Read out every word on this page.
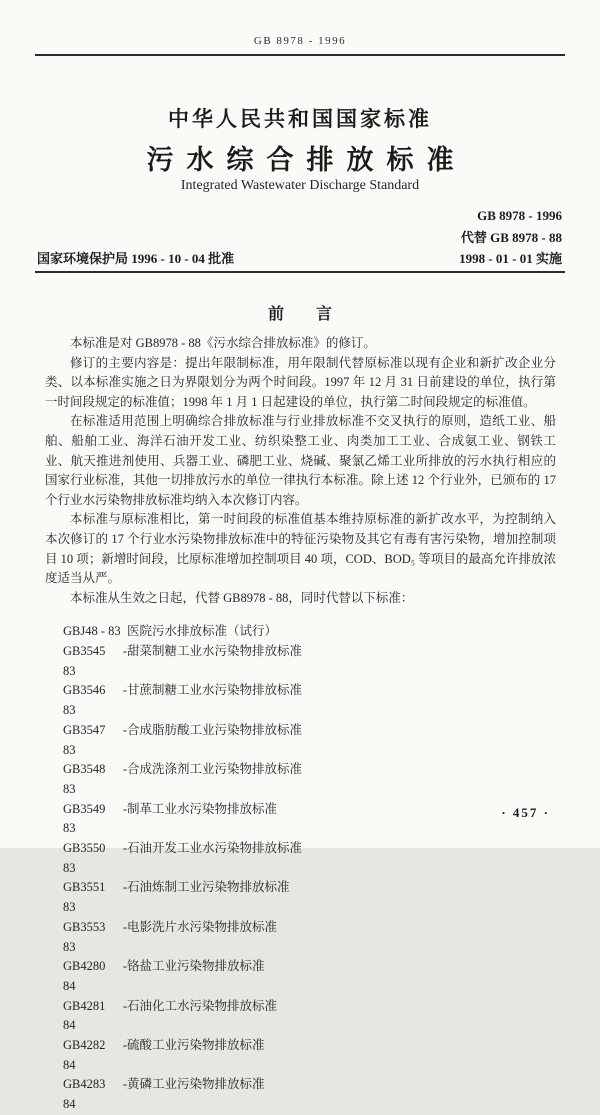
GB 8978 - 1996
中华人民共和国国家标准
污水综合排放标准
Integrated Wastewater Discharge Standard
GB 8978 - 1996
代替 GB 8978 - 88
1998 - 01 - 01 实施
国家环境保护局 1996 - 10 - 04 批准
前　　言

本标准是对 GB8978 - 88《污水综合排放标准》的修订。

修订的主要内容是：提出年限制标准，用年限制代替原标准以现有企业和新扩改企业分类、以本标准实施之日为界限划分为两个时间段。1997 年 12 月 31 日前建设的单位，执行第一时间段规定的标准值；1998 年 1 月 1 日起建设的单位，执行第二时间段规定的标准值。

在标准适用范围上明确综合排放标准与行业排放标准不交叉执行的原则，造纸工业、船舶、船舶工业、海洋石油开发工业、纺织染整工业、肉类加工工业、合成氨工业、钢铁工业、航天推进剂使用、兵器工业、磷肥工业、烧碱、聚氯乙烯工业所排放的污水执行相应的国家行业标准，其他一切排放污水的单位一律执行本标准。除上述 12 个行业外，已颁布的 17 个行业水污染物排放标准均纳入本次修订内容。

本标准与原标准相比，第一时间段的标准值基本维持原标准的新扩改水平，为控制纳入本次修订的 17 个行业水污染物排放标准中的特征污染物及其它有毒有害污染物，增加控制项目 10 项；新增时间段，比原标准增加控制项目 40 项，COD、BOD₅ 等项目的最高允许排放浓度适当从严。

本标准从生效之日起，代替 GB8978 - 88，同时代替以下标准：

GBJ48 - 83 医院污水排放标准（试行）
GB3545 - 83
甜菜制糖工业水污染物排放标准
GB3546 - 83
甘蔗制糖工业水污染物排放标准
GB3547 - 83
合成脂肪酸工业污染物排放标准
GB3548 - 83
合成洗涤剂工业污染物排放标准
GB3549 - 83
制革工业水污染物排放标准
GB3550 - 83
石油开发工业水污染物排放标准
GB3551 - 83
石油炼制工业污染物排放标准
GB3553 - 83
电影洗片水污染物排放标准
GB4280 - 84
铬盐工业污染物排放标准
GB4281 - 84
石油化工水污染物排放标准
GB4282 - 84
硫酸工业污染物排放标准
GB4283 - 84
黄磷工业污染物排放标准
· 457 ·
